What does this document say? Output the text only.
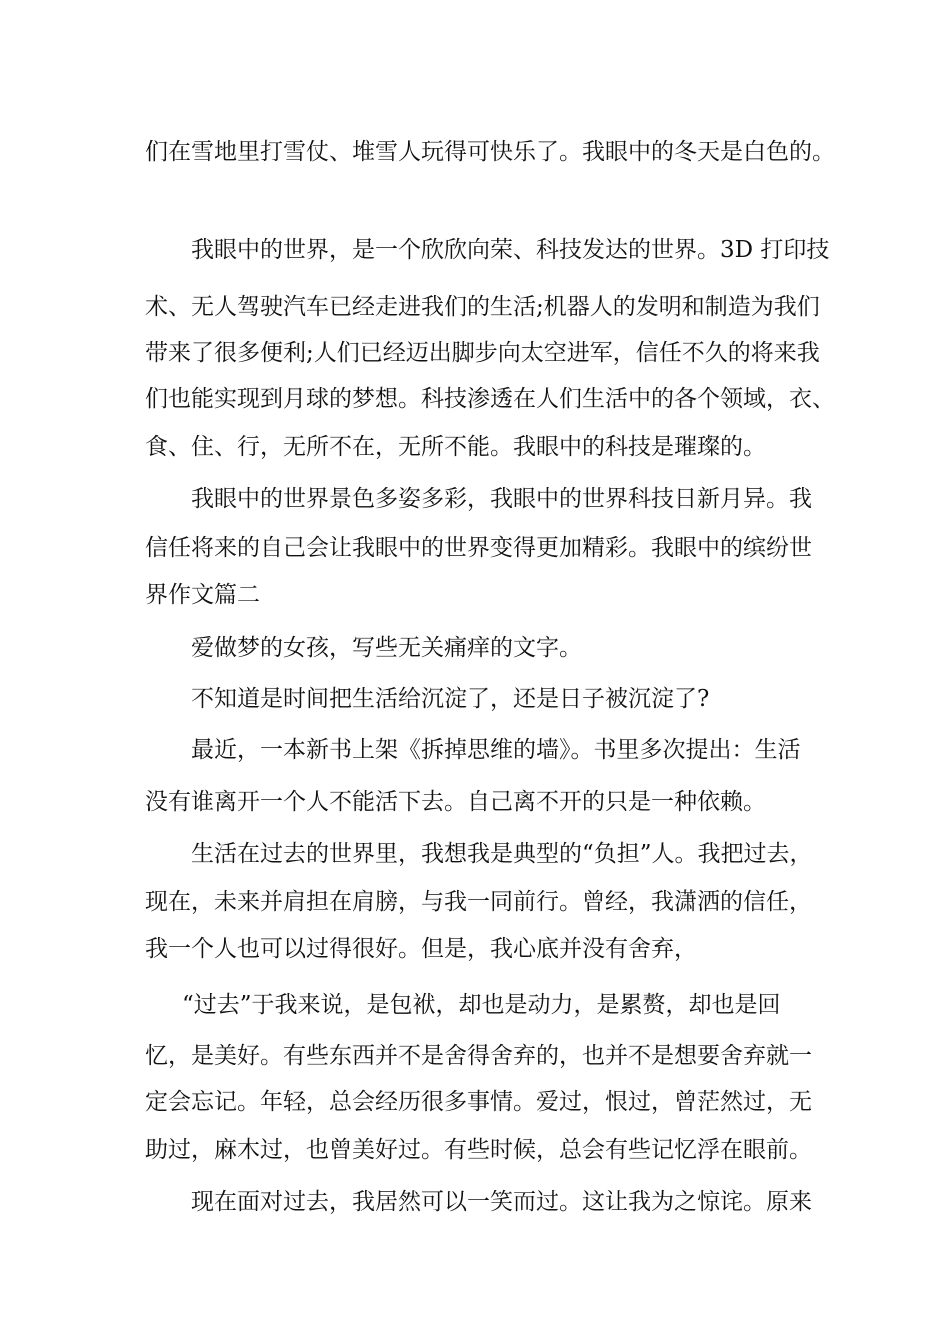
们在雪地里打雪仗、堆雪人玩得可快乐了。我眼中的冬天是白色的。
我眼中的世界，是一个欣欣向荣、科技发达的世界。3D 打印技
术、无人驾驶汽车已经走进我们的生活;机器人的发明和制造为我们
带来了很多便利;人们已经迈出脚步向太空进军，信任不久的将来我
们也能实现到月球的梦想。科技渗透在人们生活中的各个领域，衣、
食、住、行，无所不在，无所不能。我眼中的科技是璀璨的。
我眼中的世界景色多姿多彩，我眼中的世界科技日新月异。我
信任将来的自己会让我眼中的世界变得更加精彩。我眼中的缤纷世
界作文篇二
爱做梦的女孩，写些无关痛痒的文字。
不知道是时间把生活给沉淀了，还是日子被沉淀了?
最近，一本新书上架《拆掉思维的墙》。书里多次提出：生活
没有谁离开一个人不能活下去。自己离不开的只是一种依赖。
生活在过去的世界里，我想我是典型的“负担”人。我把过去，
现在，未来并肩担在肩膀，与我一同前行。曾经，我潇洒的信任，
我一个人也可以过得很好。但是，我心底并没有舍弃，
“过去”于我来说，是包袱，却也是动力，是累赘，却也是回
忆，是美好。有些东西并不是舍得舍弃的，也并不是想要舍弃就一
定会忘记。年轻，总会经历很多事情。爱过，恨过，曾茫然过，无
助过，麻木过，也曾美好过。有些时候，总会有些记忆浮在眼前。
现在面对过去，我居然可以一笑而过。这让我为之惊诧。原来
